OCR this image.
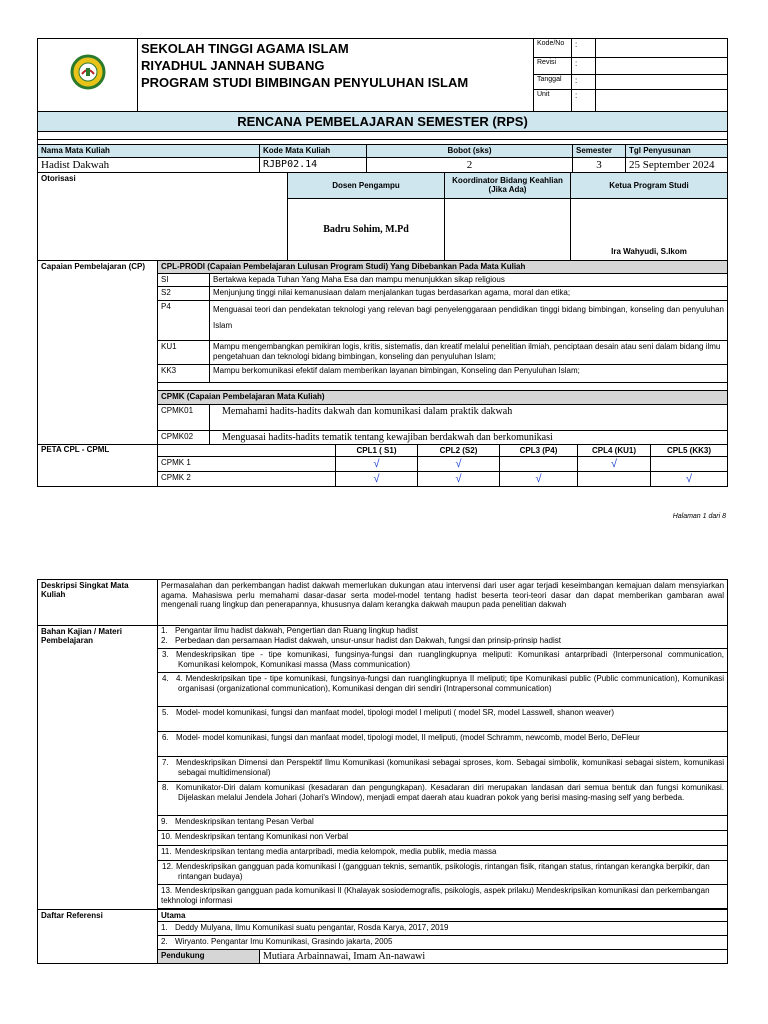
	SEKOLAH TINGGI AGAMA ISLAM	Kode/No	:	
	RIYADHUL JANNAH SUBANG	Revisi	:	
	PROGRAM STUDI BIMBINGAN PENYULUHAN ISLAM	Tanggal	:	
		Unit	:	
RENCANA PEMBELAJARAN SEMESTER (RPS)				

Nama Mata Kuliah	Kode Mata Kuliah	Bobot (sks)	Semester	Tgl Penyusunan
Hadist Dakwah	RJBP02.14	2	3	25 September 2024
Otorisasi	Dosen Pengampu	Koordinator Bidang Keahlian (Jika Ada)	Ketua Program Studi
	Badru Sohim, M.Pd		Ira Wahyudi, S.Ikom
Capaian Pembelajaran (CP)	CPL-PRODI (Capaian Pembelajaran Lulusan Program Studi) Yang Dibebankan Pada Mata Kuliah	
	SI	Bertakwa kepada Tuhan Yang Maha Esa dan mampu menunjukkan sikap religious
	S2	Menjunjung tinggi nilai kemanusiaan dalam menjalankan tugas berdasarkan agama, moral dan etika;
	P4	Menguasai teori dan pendekatan teknologi yang relevan bagi penyelenggaraan pendidikan tinggi bidang bimbingan, konseling dan penyuluhan Islam
	KU1	Mampu mengembangkan pemikiran logis, kritis, sistematis, dan kreatif melalui penelitian ilmiah, penciptaan desain atau seni dalam bidang ilmu pengetahuan dan teknologi bidang bimbingan, konseling dan penyuluhan Islam;
	KK3	Mampu berkomunikasi efektif dalam memberikan layanan bimbingan, Konseling dan Penyuluhan Islam;

	CPMK (Capaian Pembelajaran Mata Kuliah)	
	CPMK01	Memahami hadits-hadits dakwah dan komunikasi dalam praktik dakwah
	CPMK02	Menguasai hadits-hadits tematik tentang kewajiban berdakwah dan berkomunikasi
PETA CPL - CPML		CPL1 ( S1)	CPL2 (S2)	CPL3 (P4)	CPL4 (KU1)	CPL5 (KK3)
	CPMK 1	√	√		√	
	CPMK 2	√	√	√		√
Halaman 1 dari 8
Deskripsi Singkat Mata Kuliah	Permasalahan dan perkembangan hadist dakwah memerlukan dukungan atau intervensi dari user agar terjadi keseimbangan kemajuan dalam mensyiarkan agama. Mahasiswa perlu memahami dasar-dasar serta model-model tentang hadist beserta teori-teori dasar dan dapat memberikan gambaran awal mengenali ruang lingkup dan penerapannya, khususnya dalam kerangka dakwah maupun pada penelitian dakwah	
Bahan Kajian / Materi Pembelajaran	1. Pengantar ilmu hadist dakwah, Pengertian dan Ruang lingkup hadist
2. Perbedaan dan persamaan Hadist dakwah, unsur-unsur hadist dan Dakwah, fungsi dan prinsip-prinsip hadist	
	3. Mendeskripsikan tipe - tipe komunikasi, fungsinya-fungsi dan ruanglingkupnya meliputi: Komunikasi antarpribadi (Interpersonal communication, Komunikasi kelompok, Komunikasi massa (Mass communication)	
	4. 4. Mendeskripsikan tipe - tipe komunikasi, fungsinya-fungsi dan ruanglingkupnya II meliputi; tipe Komunikasi public (Public communication), Komunikasi organisasi (organizational communication), Komunikasi dengan diri sendiri (Intrapersonal communication)	
	5. Model- model komunikasi, fungsi dan manfaat model, tipologi model I meliputi ( model SR, model Lasswell, shanon weaver)	
	6. Model- model komunikasi, fungsi dan manfaat model, tipologi model, II meliputi, (model Schramm, newcomb, model Berlo, DeFleur	
	7. Mendeskripsikan Dimensi dan Perspektif Ilmu Komunikasi (komunikasi sebagai sproses, kom. Sebagai simbolik, komunikasi sebagai sistem, komunikasi sebagai multidimensional)	
	8. Komunikator-Diri dalam komunikasi (kesadaran dan pengungkapan). Kesadaran diri merupakan landasan dari semua bentuk dan fungsi komunikasi. Dijelaskan melalui Jendela Johari (Johari's Window), menjadi empat daerah atau kuadran pokok yang berisi masing-masing self yang berbeda.	
	9. Mendeskripsikan tentang Pesan Verbal	
	10. Mendeskripsikan tentang Komunikasi non Verbal	
	11. Mendeskripsikan tentang media antarpribadi, media kelompok, media publik, media massa	
	12. Mendeskripsikan gangguan pada komunikasi I (gangguan teknis, semantik, psikologis, rintangan fisik, ritangan status, rintangan kerangka berpikir, dan rintangan budaya)	
	13. Mendeskripsikan gangguan pada komunikasi II (Khalayak sosiodemografis, psikologis, aspek prilaku) Mendeskripsikan komunikasi dan perkembangan tekhnologi informasi	

Daftar Referensi	Utama	
	1. Deddy Mulyana, Ilmu Komunikasi suatu pengantar, Rosda Karya, 2017, 2019	
	2. Wiryanto. Pengantar Imu Komunikasi, Grasindo jakarta, 2005	
	Pendukung	Mutiara Arbainnawai, Imam An-nawawi
